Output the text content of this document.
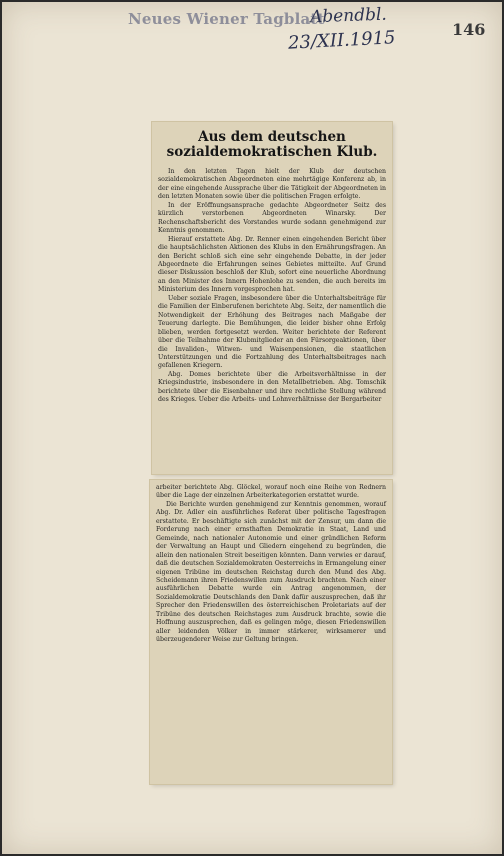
Neues Wiener Tagblatt
Abendbl.
23/XII.1915	146
Aus dem deutschen sozialdemokratischen Klub.

In den letzten Tagen hielt der Klub der deutschen sozialdemokratischen Abgeordneten eine mehrtägige Konferenz ab, in der eine eingehende Aussprache über die Tätigkeit der Abgeordneten in den letzten Monaten sowie über die politischen Fragen erfolgte.

In der Eröffnungsansprache gedachte Abgeordneter Seitz des kürzlich verstorbenen Abgeordneten Winarsky. Der Rechenschaftsbericht des Vorstandes wurde sodann genehmigend zur Kenntnis genommen.

Hierauf erstattete Abg. Dr. Renner einen eingehenden Bericht über die hauptsächlichsten Aktionen des Klubs in den Ernährungsfragen. An den Bericht schloß sich eine sehr eingehende Debatte, in der jeder Abgeordnete die Erfahrungen seines Gebietes mitteilte. Auf Grund dieser Diskussion beschloß der Klub, sofort eine neuerliche Abordnung an den Minister des Innern Hohenlohe zu senden, die auch bereits im Ministerium des Innern vorgesprochen hat.

Ueber soziale Fragen, insbesondere über die Unterhaltsbeiträge für die Familien der Einberufenen berichtete Abg. Seitz, der namentlich die Notwendigkeit der Erhöhung des Beitrages nach Maßgabe der Teuerung darlegte. Die Bemühungen, die leider bisher ohne Erfolg blieben, werden fortgesetzt werden. Weiter berichtete der Referent über die Teilnahme der Klubmitglieder an den Fürsorgeaktionen, über die Invaliden-, Witwen- und Waisenpensionen, die staatlichen Unterstützungen und die Fortzahlung des Unterhaltsbeitrages nach gefallenen Kriegern.

Abg. Domes berichtete über die Arbeitsverhältnisse in der Kriegsindustrie, insbesondere in den Metallbetrieben. Abg. Tomschik berichtete über die Eisenbahner und ihre rechtliche Stellung während des Krieges. Ueber die Arbeits- und Lohnverhältnisse der Bergarbeiter

arbeiter berichtete Abg. Glöckel, worauf noch eine Reihe von Rednern über die Lage der einzelnen Arbeiterkategorien erstattet wurde.

Die Berichte wurden genehmigend zur Kenntnis genommen, worauf Abg. Dr. Adler ein ausführliches Referat über politische Tagesfragen erstattete. Er beschäftigte sich zunächst mit der Zensur, um dann die Forderung nach einer ernsthaften Demokratie in Staat, Land und Gemeinde, nach nationaler Autonomie und einer gründlichen Reform der Verwaltung an Haupt und Gliedern eingehend zu begründen, die allein den nationalen Streit beseitigen könnten. Dann verwies er darauf, daß die deutschen Sozialdemokraten Oesterreichs in Ermangelung einer eigenen Tribüne im deutschen Reichstag durch den Mund des Abg. Scheidemann ihren Friedenswillen zum Ausdruck brachten. Nach einer ausführlichen Debatte wurde ein Antrag angenommen, der Sozialdemokratie Deutschlands den Dank dafür auszusprechen, daß ihr Sprecher den Friedenswillen des österreichischen Proletariats auf der Tribüne des deutschen Reichstages zum Ausdruck brachte, sowie die Hoffnung auszusprechen, daß es gelingen möge, diesen Friedenswillen aller leidenden Völker in immer stärkerer, wirksamerer und überzeugenderer Weise zur Geltung bringen.
